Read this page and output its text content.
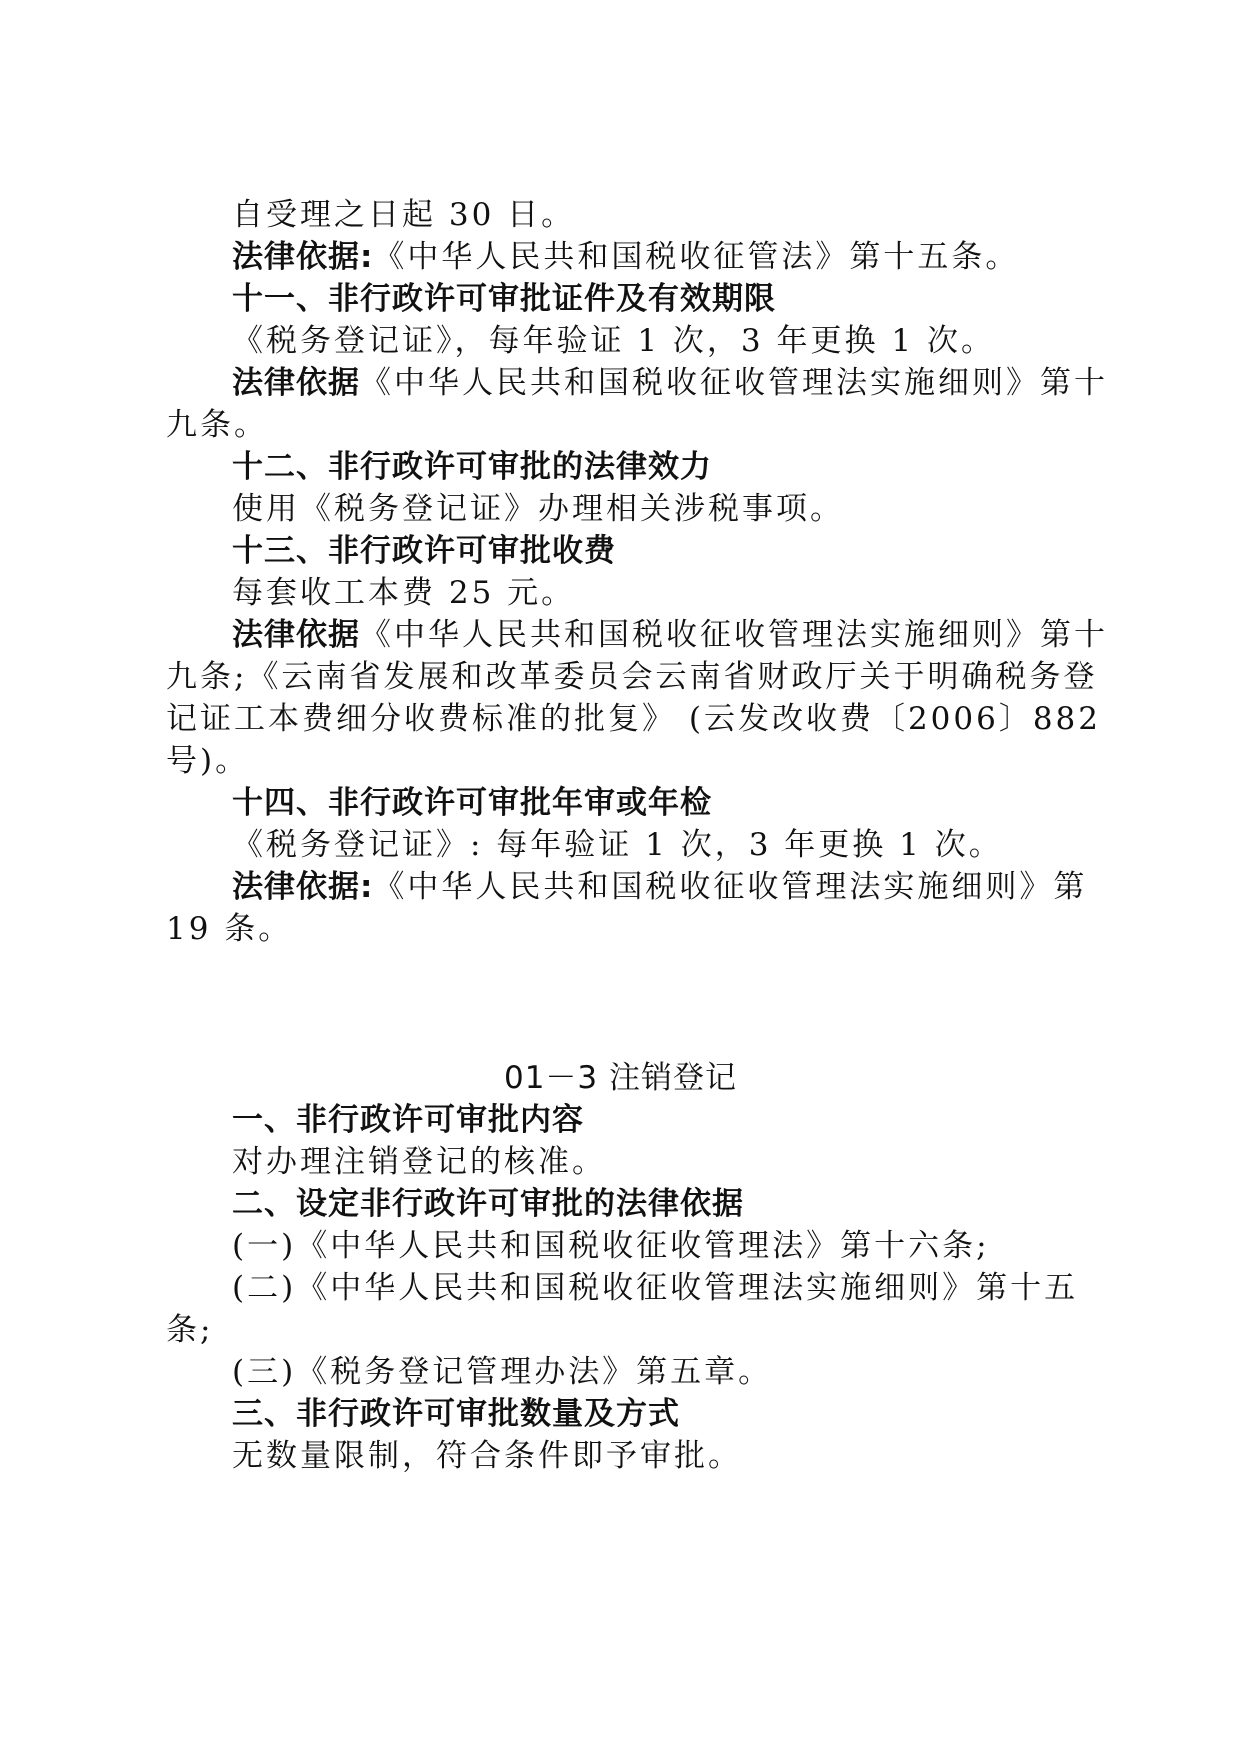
自受理之日起 30 日。
法律依据:《中华人民共和国税收征管法》第十五条。
十一、非行政许可审批证件及有效期限
《税务登记证》，每年验证 1 次，3 年更换 1 次。
法律依据《中华人民共和国税收征收管理法实施细则》第十
九条。
十二、非行政许可审批的法律效力
使用《税务登记证》办理相关涉税事项。
十三、非行政许可审批收费
每套收工本费 25 元。
法律依据《中华人民共和国税收征收管理法实施细则》第十
九条;《云南省发展和改革委员会云南省财政厅关于明确税务登
记证工本费细分收费标准的批复》 (云发改收费〔2006〕882
号)。
十四、非行政许可审批年审或年检
《税务登记证》: 每年验证 1 次，3 年更换 1 次。
法律依据:《中华人民共和国税收征收管理法实施细则》第
19 条。
01－3 注销登记
一、非行政许可审批内容
对办理注销登记的核准。
二、设定非行政许可审批的法律依据
(一)《中华人民共和国税收征收管理法》第十六条;
(二)《中华人民共和国税收征收管理法实施细则》第十五
条;
(三)《税务登记管理办法》第五章。
三、非行政许可审批数量及方式
无数量限制，符合条件即予审批。
